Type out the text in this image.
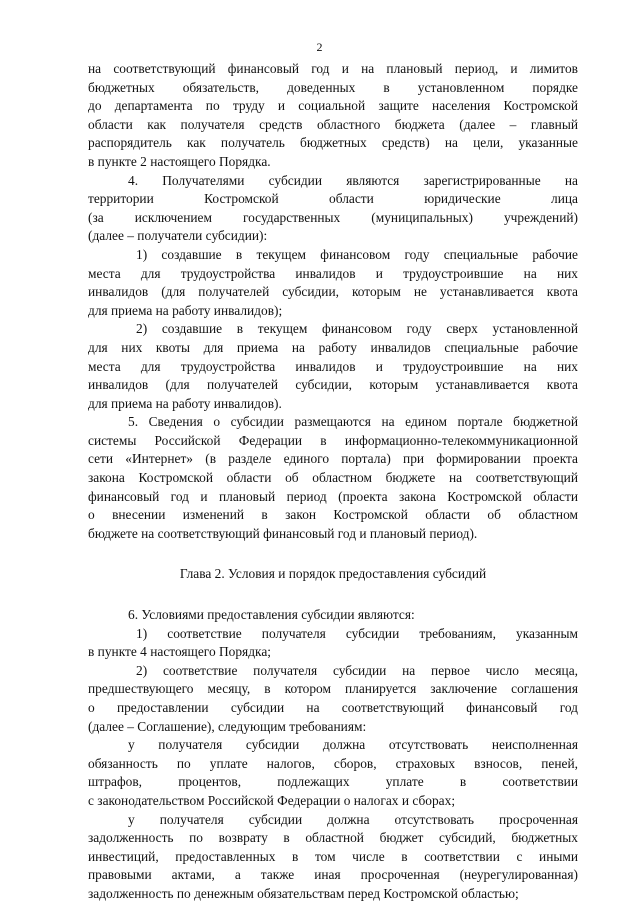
2
на соответствующий финансовый год и на плановый период, и лимитов
бюджетных обязательств, доведенных в установленном порядке
до департамента по труду и социальной защите населения Костромской
области как получателя средств областного бюджета (далее – главный
распорядитель как получатель бюджетных средств) на цели, указанные
в пункте 2 настоящего Порядка.
4. Получателями субсидии являются зарегистрированные на
территории Костромской области юридические лица
(за исключением государственных (муниципальных) учреждений)
(далее – получатели субсидии):
1) создавшие в текущем финансовом году специальные рабочие
места для трудоустройства инвалидов и трудоустроившие на них
инвалидов (для получателей субсидии, которым не устанавливается квота
для приема на работу инвалидов);
2) создавшие в текущем финансовом году сверх установленной
для них квоты для приема на работу инвалидов специальные рабочие
места для трудоустройства инвалидов и трудоустроившие на них
инвалидов (для получателей субсидии, которым устанавливается квота
для приема на работу инвалидов).
5. Сведения о субсидии размещаются на едином портале бюджетной
системы Российской Федерации в информационно-телекоммуникационной
сети «Интернет» (в разделе единого портала) при формировании проекта
закона Костромской области об областном бюджете на соответствующий
финансовый год и плановый период (проекта закона Костромской области
о внесении изменений в закон Костромской области об областном
бюджете на соответствующий финансовый год и плановый период).
Глава 2. Условия и порядок предоставления субсидий
6. Условиями предоставления субсидии являются:
1) соответствие получателя субсидии требованиям, указанным
в пункте 4 настоящего Порядка;
2) соответствие получателя субсидии на первое число месяца,
предшествующего месяцу, в котором планируется заключение соглашения
о предоставлении субсидии на соответствующий финансовый год
(далее – Соглашение), следующим требованиям:
у получателя субсидии должна отсутствовать неисполненная
обязанность по уплате налогов, сборов, страховых взносов, пеней,
штрафов, процентов, подлежащих уплате в соответствии
с законодательством Российской Федерации о налогах и сборах;
у получателя субсидии должна отсутствовать просроченная
задолженность по возврату в областной бюджет субсидий, бюджетных
инвестиций, предоставленных в том числе в соответствии с иными
правовыми актами, а также иная просроченная (неурегулированная)
задолженность по денежным обязательствам перед Костромской областью;
